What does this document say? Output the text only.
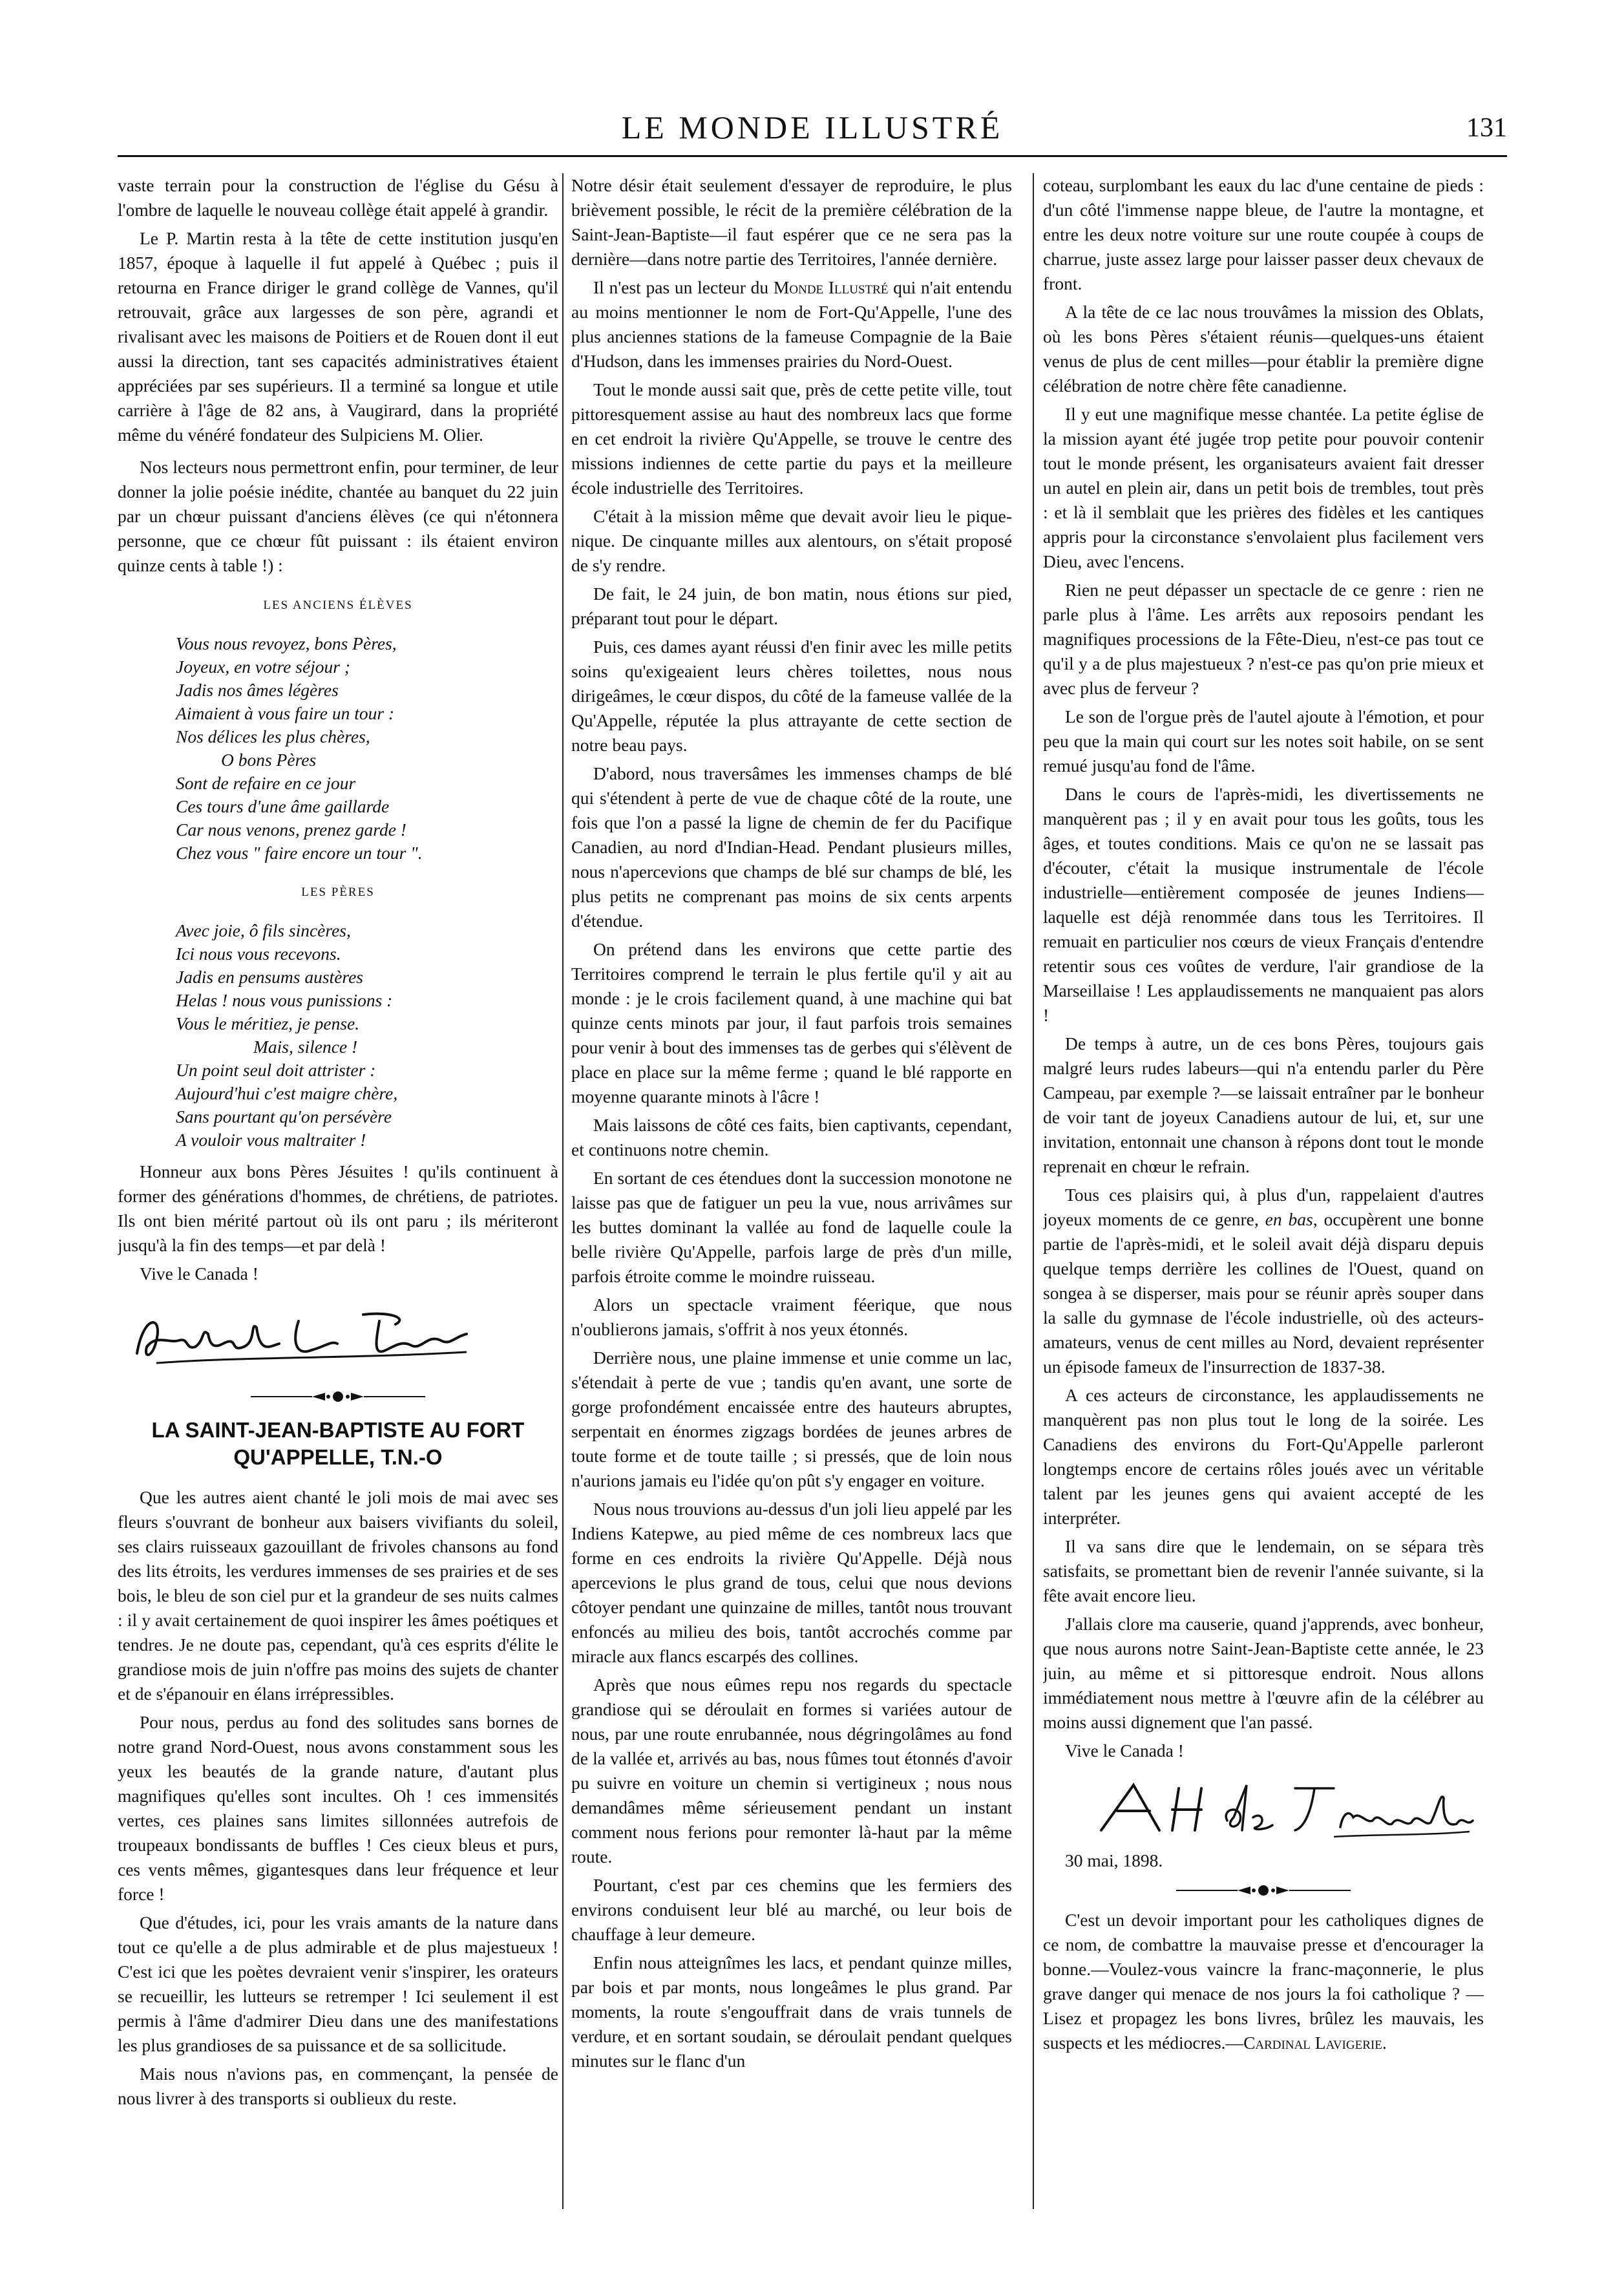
LE MONDE ILLUSTRÉ	131

vaste terrain pour la construction de l'église du Gésu à l'ombre de laquelle le nouveau collège était appelé à grandir.

Le P. Martin resta à la tête de cette institution jusqu'en 1857, époque à laquelle il fut appelé à Québec ; puis il retourna en France diriger le grand collège de Vannes, qu'il retrouvait, grâce aux largesses de son père, agrandi et rivalisant avec les maisons de Poitiers et de Rouen dont il eut aussi la direction, tant ses capacités administratives étaient appréciées par ses supérieurs. Il a terminé sa longue et utile carrière à l'âge de 82 ans, à Vaugirard, dans la propriété même du vénéré fondateur des Sulpiciens M. Olier.

Nos lecteurs nous permettront enfin, pour terminer, de leur donner la jolie poésie inédite, chantée au banquet du 22 juin par un chœur puissant d'anciens élèves (ce qui n'étonnera personne, que ce chœur fût puissant : ils étaient environ quinze cents à table !) :

LES ANCIENS ÉLÈVES
Vous nous revoyez, bons Pères,
Joyeux, en votre séjour ;
Jadis nos âmes légères
Aimaient à vous faire un tour :
Nos délices les plus chères,
O bons Pères
Sont de refaire en ce jour
Ces tours d'une âme gaillarde
Car nous venons, prenez garde !
Chez vous " faire encore un tour ".
LES PÈRES
Avec joie, ô fils sincères,
Ici nous vous recevons.
Jadis en pensums austères
Helas ! nous vous punissions :
Vous le méritiez, je pense.
Mais, silence !
Un point seul doit attrister :
Aujourd'hui c'est maigre chère,
Sans pourtant qu'on persévère
A vouloir vous maltraiter !

Honneur aux bons Pères Jésuites ! qu'ils continuent à former des générations d'hommes, de chrétiens, de patriotes. Ils ont bien mérité partout où ils ont paru ; ils mériteront jusqu'à la fin des temps—et par delà !

Vive le Canada !

LA SAINT-JEAN-BAPTISTE AU FORT QU'APPELLE, T.N.-O

Que les autres aient chanté le joli mois de mai avec ses fleurs s'ouvrant de bonheur aux baisers vivifiants du soleil, ses clairs ruisseaux gazouillant de frivoles chansons au fond des lits étroits, les verdures immenses de ses prairies et de ses bois, le bleu de son ciel pur et la grandeur de ses nuits calmes : il y avait certainement de quoi inspirer les âmes poétiques et tendres. Je ne doute pas, cependant, qu'à ces esprits d'élite le grandiose mois de juin n'offre pas moins des sujets de chanter et de s'épanouir en élans irrépressibles.

Pour nous, perdus au fond des solitudes sans bornes de notre grand Nord-Ouest, nous avons constamment sous les yeux les beautés de la grande nature, d'autant plus magnifiques qu'elles sont incultes. Oh ! ces immensités vertes, ces plaines sans limites sillonnées autrefois de troupeaux bondissants de buffles ! Ces cieux bleus et purs, ces vents mêmes, gigantesques dans leur fréquence et leur force !

Que d'études, ici, pour les vrais amants de la nature dans tout ce qu'elle a de plus admirable et de plus majestueux ! C'est ici que les poètes devraient venir s'inspirer, les orateurs se recueillir, les lutteurs se retremper ! Ici seulement il est permis à l'âme d'admirer Dieu dans une des manifestations les plus grandioses de sa puissance et de sa sollicitude.

Mais nous n'avions pas, en commençant, la pensée de nous livrer à des transports si oublieux du reste.

Notre désir était seulement d'essayer de reproduire, le plus brièvement possible, le récit de la première célébration de la Saint-Jean-Baptiste—il faut espérer que ce ne sera pas la dernière—dans notre partie des Territoires, l'année dernière.

Il n'est pas un lecteur du Monde Illustré qui n'ait entendu au moins mentionner le nom de Fort-Qu'Appelle, l'une des plus anciennes stations de la fameuse Compagnie de la Baie d'Hudson, dans les immenses prairies du Nord-Ouest.

Tout le monde aussi sait que, près de cette petite ville, tout pittoresquement assise au haut des nombreux lacs que forme en cet endroit la rivière Qu'Appelle, se trouve le centre des missions indiennes de cette partie du pays et la meilleure école industrielle des Territoires.

C'était à la mission même que devait avoir lieu le pique-nique. De cinquante milles aux alentours, on s'était proposé de s'y rendre.

De fait, le 24 juin, de bon matin, nous étions sur pied, préparant tout pour le départ.

Puis, ces dames ayant réussi d'en finir avec les mille petits soins qu'exigeaient leurs chères toilettes, nous nous dirigeâmes, le cœur dispos, du côté de la fameuse vallée de la Qu'Appelle, réputée la plus attrayante de cette section de notre beau pays.

D'abord, nous traversâmes les immenses champs de blé qui s'étendent à perte de vue de chaque côté de la route, une fois que l'on a passé la ligne de chemin de fer du Pacifique Canadien, au nord d'Indian-Head. Pendant plusieurs milles, nous n'apercevions que champs de blé sur champs de blé, les plus petits ne comprenant pas moins de six cents arpents d'étendue.

On prétend dans les environs que cette partie des Territoires comprend le terrain le plus fertile qu'il y ait au monde : je le crois facilement quand, à une machine qui bat quinze cents minots par jour, il faut parfois trois semaines pour venir à bout des immenses tas de gerbes qui s'élèvent de place en place sur la même ferme ; quand le blé rapporte en moyenne quarante minots à l'âcre !

Mais laissons de côté ces faits, bien captivants, cependant, et continuons notre chemin.

En sortant de ces étendues dont la succession monotone ne laisse pas que de fatiguer un peu la vue, nous arrivâmes sur les buttes dominant la vallée au fond de laquelle coule la belle rivière Qu'Appelle, parfois large de près d'un mille, parfois étroite comme le moindre ruisseau.

Alors un spectacle vraiment féerique, que nous n'oublierons jamais, s'offrit à nos yeux étonnés.

Derrière nous, une plaine immense et unie comme un lac, s'étendait à perte de vue ; tandis qu'en avant, une sorte de gorge profondément encaissée entre des hauteurs abruptes, serpentait en énormes zigzags bordées de jeunes arbres de toute forme et de toute taille ; si pressés, que de loin nous n'aurions jamais eu l'idée qu'on pût s'y engager en voiture.

Nous nous trouvions au-dessus d'un joli lieu appelé par les Indiens Katepwe, au pied même de ces nombreux lacs que forme en ces endroits la rivière Qu'Appelle. Déjà nous apercevions le plus grand de tous, celui que nous devions côtoyer pendant une quinzaine de milles, tantôt nous trouvant enfoncés au milieu des bois, tantôt accrochés comme par miracle aux flancs escarpés des collines.

Après que nous eûmes repu nos regards du spectacle grandiose qui se déroulait en formes si variées autour de nous, par une route enrubannée, nous dégringolâmes au fond de la vallée et, arrivés au bas, nous fûmes tout étonnés d'avoir pu suivre en voiture un chemin si vertigineux ; nous nous demandâmes même sérieusement pendant un instant comment nous ferions pour remonter là-haut par la même route.

Pourtant, c'est par ces chemins que les fermiers des environs conduisent leur blé au marché, ou leur bois de chauffage à leur demeure.

Enfin nous atteignîmes les lacs, et pendant quinze milles, par bois et par monts, nous longeâmes le plus grand. Par moments, la route s'engouffrait dans de vrais tunnels de verdure, et en sortant soudain, se déroulait pendant quelques minutes sur le flanc d'un

coteau, surplombant les eaux du lac d'une centaine de pieds : d'un côté l'immense nappe bleue, de l'autre la montagne, et entre les deux notre voiture sur une route coupée à coups de charrue, juste assez large pour laisser passer deux chevaux de front.

A la tête de ce lac nous trouvâmes la mission des Oblats, où les bons Pères s'étaient réunis—quelques-uns étaient venus de plus de cent milles—pour établir la première digne célébration de notre chère fête canadienne.

Il y eut une magnifique messe chantée. La petite église de la mission ayant été jugée trop petite pour pouvoir contenir tout le monde présent, les organisateurs avaient fait dresser un autel en plein air, dans un petit bois de trembles, tout près : et là il semblait que les prières des fidèles et les cantiques appris pour la circonstance s'envolaient plus facilement vers Dieu, avec l'encens.

Rien ne peut dépasser un spectacle de ce genre : rien ne parle plus à l'âme. Les arrêts aux reposoirs pendant les magnifiques processions de la Fête-Dieu, n'est-ce pas tout ce qu'il y a de plus majestueux ? n'est-ce pas qu'on prie mieux et avec plus de ferveur ?

Le son de l'orgue près de l'autel ajoute à l'émotion, et pour peu que la main qui court sur les notes soit habile, on se sent remué jusqu'au fond de l'âme.

Dans le cours de l'après-midi, les divertissements ne manquèrent pas ; il y en avait pour tous les goûts, tous les âges, et toutes conditions. Mais ce qu'on ne se lassait pas d'écouter, c'était la musique instrumentale de l'école industrielle—entièrement composée de jeunes Indiens—laquelle est déjà renommée dans tous les Territoires. Il remuait en particulier nos cœurs de vieux Français d'entendre retentir sous ces voûtes de verdure, l'air grandiose de la Marseillaise ! Les applaudissements ne manquaient pas alors !

De temps à autre, un de ces bons Pères, toujours gais malgré leurs rudes labeurs—qui n'a entendu parler du Père Campeau, par exemple ?—se laissait entraîner par le bonheur de voir tant de joyeux Canadiens autour de lui, et, sur une invitation, entonnait une chanson à répons dont tout le monde reprenait en chœur le refrain.

Tous ces plaisirs qui, à plus d'un, rappelaient d'autres joyeux moments de ce genre, en bas, occupèrent une bonne partie de l'après-midi, et le soleil avait déjà disparu depuis quelque temps derrière les collines de l'Ouest, quand on songea à se disperser, mais pour se réunir après souper dans la salle du gymnase de l'école industrielle, où des acteurs-amateurs, venus de cent milles au Nord, devaient représenter un épisode fameux de l'insurrection de 1837-38.

A ces acteurs de circonstance, les applaudissements ne manquèrent pas non plus tout le long de la soirée. Les Canadiens des environs du Fort-Qu'Appelle parleront longtemps encore de certains rôles joués avec un véritable talent par les jeunes gens qui avaient accepté de les interpréter.

Il va sans dire que le lendemain, on se sépara très satisfaits, se promettant bien de revenir l'année suivante, si la fête avait encore lieu.

J'allais clore ma causerie, quand j'apprends, avec bonheur, que nous aurons notre Saint-Jean-Baptiste cette année, le 23 juin, au même et si pittoresque endroit. Nous allons immédiatement nous mettre à l'œuvre afin de la célébrer au moins aussi dignement que l'an passé.

Vive le Canada !

30 mai, 1898.

C'est un devoir important pour les catholiques dignes de ce nom, de combattre la mauvaise presse et d'encourager la bonne.—Voulez-vous vaincre la franc-maçonnerie, le plus grave danger qui menace de nos jours la foi catholique ? —Lisez et propagez les bons livres, brûlez les mauvais, les suspects et les médiocres.—Cardinal Lavigerie.
